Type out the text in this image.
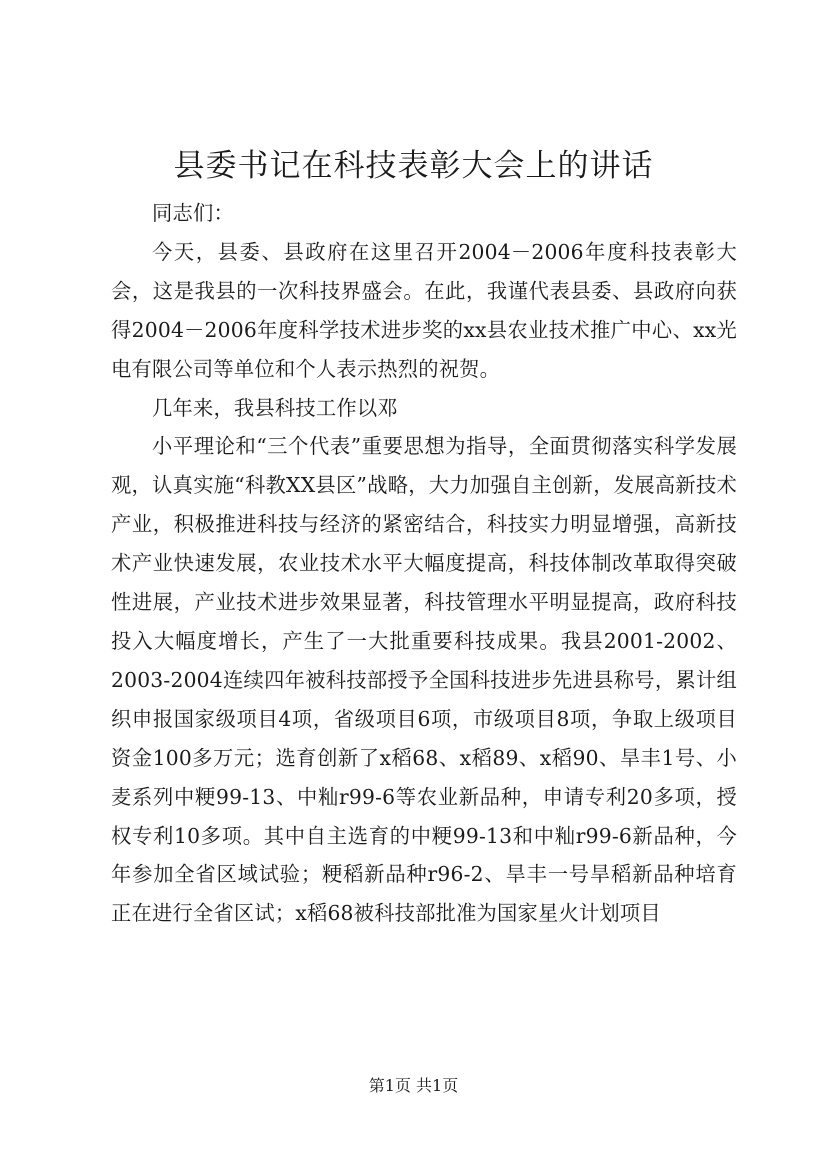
县委书记在科技表彰大会上的讲话

同志们：

今天，县委、县政府在这里召开2004－2006年度科技表彰大会，这是我县的一次科技界盛会。在此，我谨代表县委、县政府向获得2004－2006年度科学技术进步奖的xx县农业技术推广中心、xx光电有限公司等单位和个人表示热烈的祝贺。

几年来，我县科技工作以邓

小平理论和“三个代表”重要思想为指导，全面贯彻落实科学发展观，认真实施“科教XX县区”战略，大力加强自主创新，发展高新技术产业，积极推进科技与经济的紧密结合，科技实力明显增强，高新技术产业快速发展，农业技术水平大幅度提高，科技体制改革取得突破性进展，产业技术进步效果显著，科技管理水平明显提高，政府科技投入大幅度增长，产生了一大批重要科技成果。我县2001-2002、2003-2004连续四年被科技部授予全国科技进步先进县称号，累计组织申报国家级项目4项，省级项目6项，市级项目8项，争取上级项目资金100多万元；选育创新了x稻68、x稻89、x稻90、旱丰1号、小麦系列中粳99-13、中籼r99-6等农业新品种，申请专利20多项，授权专利10多项。其中自主选育的中粳99-13和中籼r99-6新品种，今年参加全省区域试验；粳稻新品种r96-2、旱丰一号旱稻新品种培育正在进行全省区试；x稻68被科技部批准为国家星火计划项目

第1页 共1页
